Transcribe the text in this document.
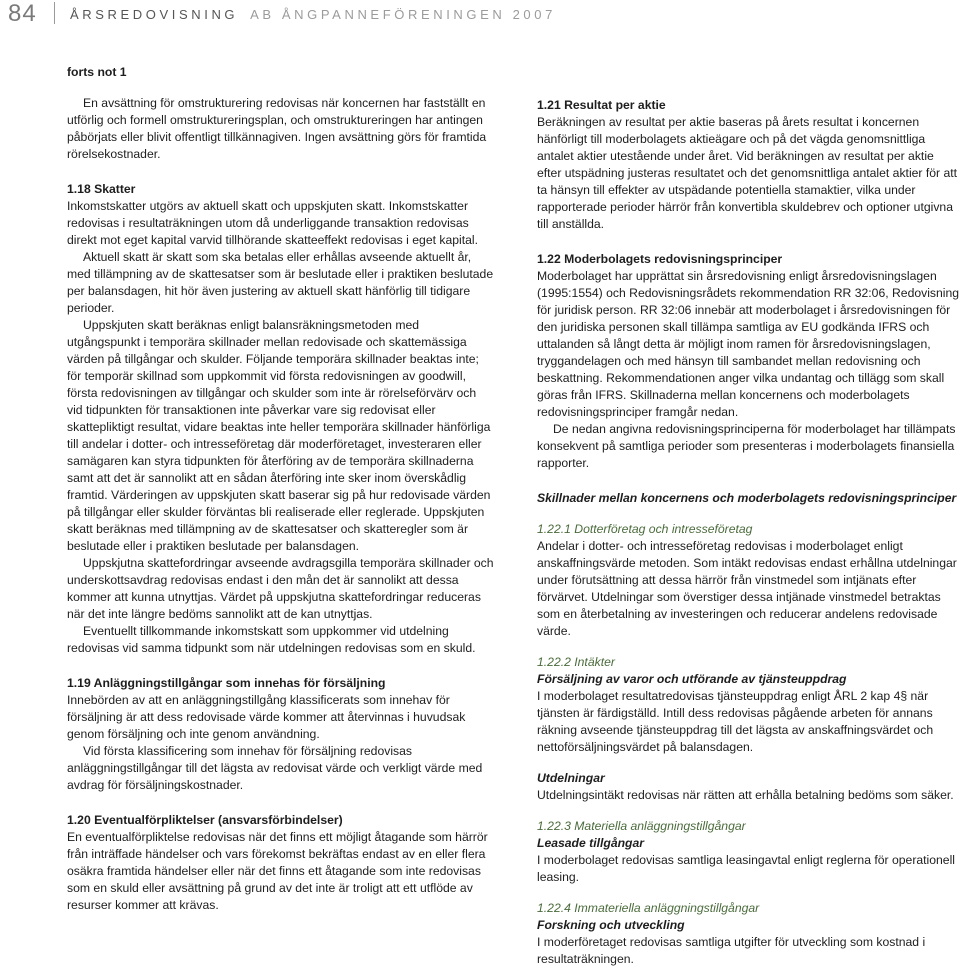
84	ÅRSREDOVISNING AB ÅNGPANNEFÖRENINGEN 2007

forts not 1

En avsättning för omstrukturering redovisas när koncernen har fastställt en utförlig och formell omstruktureringsplan, och omstruktureringen har antingen påbörjats eller blivit offentligt tillkännagiven. Ingen avsättning görs för framtida rörelsekostnader.

1.18 Skatter

Inkomstskatter utgörs av aktuell skatt och uppskjuten skatt. Inkomstskatter redovisas i resultaträkningen utom då underliggande transaktion redovisas direkt mot eget kapital varvid tillhörande skatteeffekt redovisas i eget kapital.

Aktuell skatt är skatt som ska betalas eller erhållas avseende aktuellt år, med tillämpning av de skattesatser som är beslutade eller i praktiken beslutade per balansdagen, hit hör även justering av aktuell skatt hänförlig till tidigare perioder.

Uppskjuten skatt beräknas enligt balansräkningsmetoden med utgångspunkt i temporära skillnader mellan redovisade och skattemässiga värden på tillgångar och skulder. Följande temporära skillnader beaktas inte; för temporär skillnad som uppkommit vid första redovisningen av goodwill, första redovisningen av tillgångar och skulder som inte är rörelseförvärv och vid tidpunkten för transaktionen inte påverkar vare sig redovisat eller skattepliktigt resultat, vidare beaktas inte heller temporära skillnader hänförliga till andelar i dotter- och intresseföretag där moderföretaget, investeraren eller samägaren kan styra tidpunkten för återföring av de temporära skillnaderna samt att det är sannolikt att en sådan återföring inte sker inom överskådlig framtid. Värderingen av uppskjuten skatt baserar sig på hur redovisade värden på tillgångar eller skulder förväntas bli realiserade eller reglerade. Uppskjuten skatt beräknas med tillämpning av de skattesatser och skatteregler som är beslutade eller i praktiken beslutade per balansdagen.

Uppskjutna skattefordringar avseende avdragsgilla temporära skillnader och underskottsavdrag redovisas endast i den mån det är sannolikt att dessa kommer att kunna utnyttjas. Värdet på uppskjutna skattefordringar reduceras när det inte längre bedöms sannolikt att de kan utnyttjas.

Eventuellt tillkommande inkomstskatt som uppkommer vid utdelning redovisas vid samma tidpunkt som när utdelningen redovisas som en skuld.

1.19 Anläggningstillgångar som innehas för försäljning

Innebörden av att en anläggningstillgång klassificerats som innehav för försäljning är att dess redovisade värde kommer att återvinnas i huvudsak genom försäljning och inte genom användning.

Vid första klassificering som innehav för försäljning redovisas anläggningstillgångar till det lägsta av redovisat värde och verkligt värde med avdrag för försäljningskostnader.

1.20 Eventualförpliktelser (ansvarsförbindelser)

En eventualförpliktelse redovisas när det finns ett möjligt åtagande som härrör från inträffade händelser och vars förekomst bekräftas endast av en eller flera osäkra framtida händelser eller när det finns ett åtagande som inte redovisas som en skuld eller avsättning på grund av det inte är troligt att ett utflöde av resurser kommer att krävas.

1.21 Resultat per aktie

Beräkningen av resultat per aktie baseras på årets resultat i koncernen hänförligt till moderbolagets aktieägare och på det vägda genomsnittliga antalet aktier utestående under året. Vid beräkningen av resultat per aktie efter utspädning justeras resultatet och det genomsnittliga antalet aktier för att ta hänsyn till effekter av utspädande potentiella stamaktier, vilka under rapporterade perioder härrör från konvertibla skuldebrev och optioner utgivna till anställda.

1.22 Moderbolagets redovisningsprinciper

Moderbolaget har upprättat sin årsredovisning enligt årsredovisningslagen (1995:1554) och Redovisningsrådets rekommendation RR 32:06, Redovisning för juridisk person. RR 32:06 innebär att moderbolaget i årsredovisningen för den juridiska personen skall tillämpa samtliga av EU godkända IFRS och uttalanden så långt detta är möjligt inom ramen för årsredovisningslagen, tryggandelagen och med hänsyn till sambandet mellan redovisning och beskattning. Rekommendationen anger vilka undantag och tillägg som skall göras från IFRS. Skillnaderna mellan koncernens och moderbolagets redovisningsprinciper framgår nedan.

De nedan angivna redovisningsprinciperna för moderbolaget har tillämpats konsekvent på samtliga perioder som presenteras i moderbolagets finansiella rapporter.

Skillnader mellan koncernens och moderbolagets redovisningsprinciper

1.22.1 Dotterföretag och intresseföretag

Andelar i dotter- och intresseföretag redovisas i moderbolaget enligt anskaffningsvärde metoden. Som intäkt redovisas endast erhållna utdelningar under förutsättning att dessa härrör från vinstmedel som intjänats efter förvärvet. Utdelningar som överstiger dessa intjänade vinstmedel betraktas som en återbetalning av investeringen och reducerar andelens redovisade värde.

1.22.2 Intäkter

Försäljning av varor och utförande av tjänsteuppdrag

I moderbolaget resultatredovisas tjänsteuppdrag enligt ÅRL 2 kap 4§ när tjänsten är färdigställd. Intill dess redovisas pågående arbeten för annans räkning avseende tjänsteuppdrag till det lägsta av anskaffningsvärdet och nettoförsäljningsvärdet på balansdagen.

Utdelningar

Utdelningsintäkt redovisas när rätten att erhålla betalning bedöms som säker.

1.22.3 Materiella anläggningstillgångar

Leasade tillgångar

I moderbolaget redovisas samtliga leasingavtal enligt reglerna för operationell leasing.

1.22.4 Immateriella anläggningstillgångar

Forskning och utveckling

I moderföretaget redovisas samtliga utgifter för utveckling som kostnad i resultaträkningen.
